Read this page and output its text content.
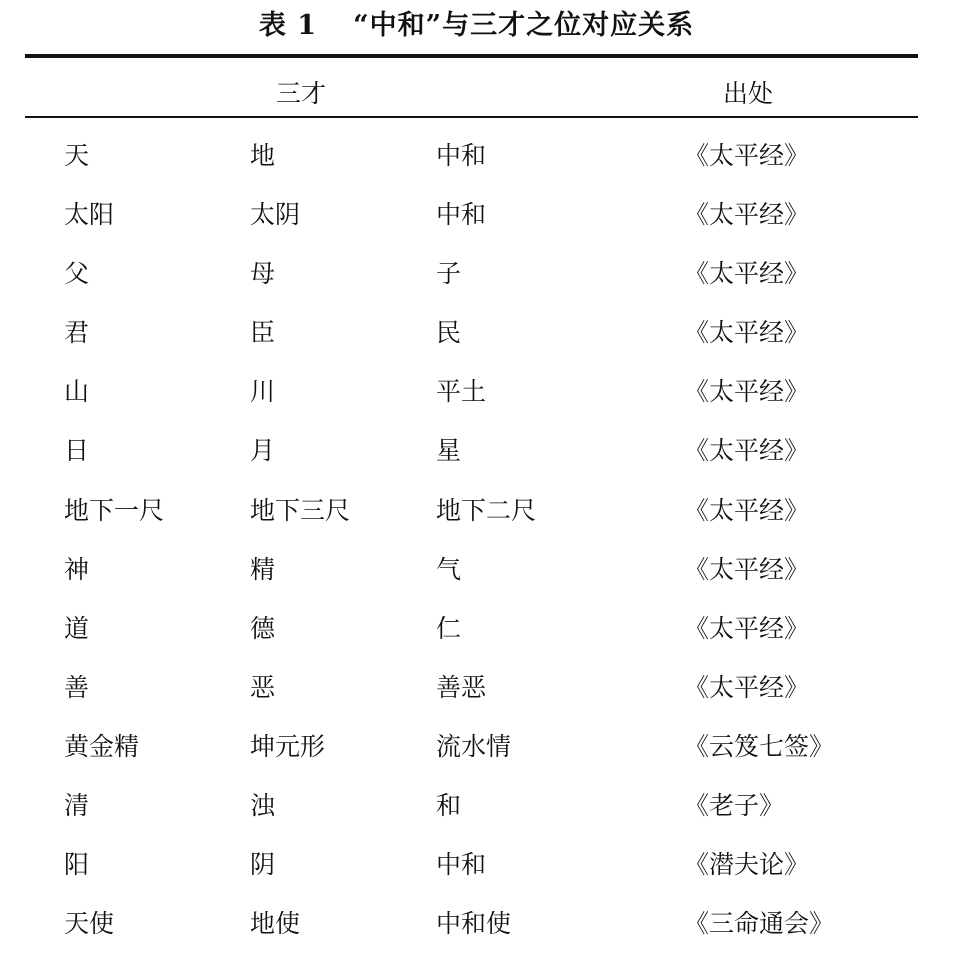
表 1 “中和”与三才之位对应关系
三才	出处
天	地	中和	《太平经》
太阳	太阴	中和	《太平经》
父	母	子	《太平经》
君	臣	民	《太平经》
山	川	平土	《太平经》
日	月	星	《太平经》
地下一尺	地下三尺	地下二尺	《太平经》
神	精	气	《太平经》
道	德	仁	《太平经》
善	恶	善恶	《太平经》
黄金精	坤元形	流水情	《云笈七签》
清	浊	和	《老子》
阳	阴	中和	《潜夫论》
天使	地使	中和使	《三命通会》
